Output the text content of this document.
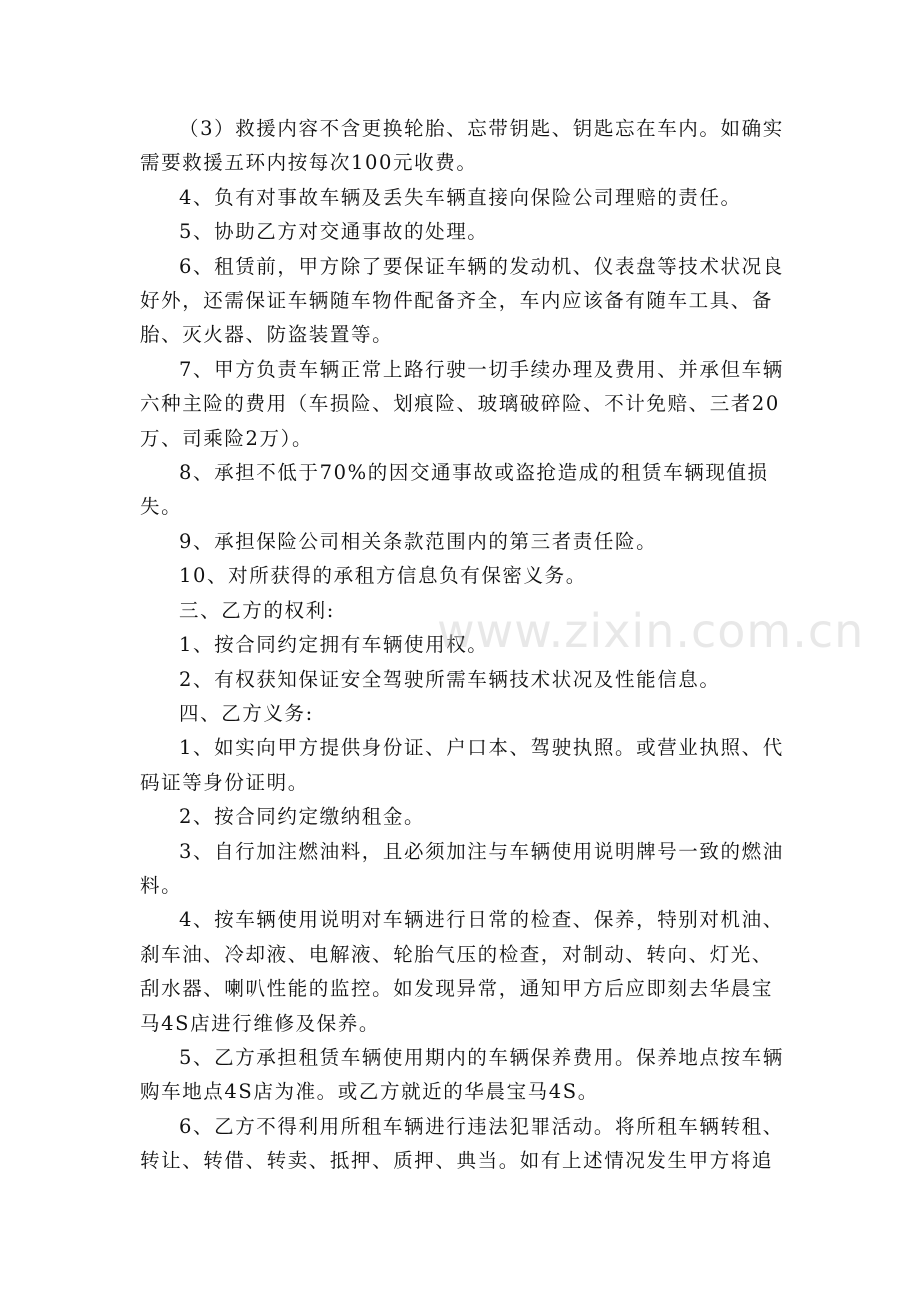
（3）救援内容不含更换轮胎、忘带钥匙、钥匙忘在车内。如确实需要救援五环内按每次100元收费。

4、负有对事故车辆及丢失车辆直接向保险公司理赔的责任。

5、协助乙方对交通事故的处理。

6、租赁前，甲方除了要保证车辆的发动机、仪表盘等技术状况良好外，还需保证车辆随车物件配备齐全，车内应该备有随车工具、备胎、灭火器、防盗装置等。

7、甲方负责车辆正常上路行驶一切手续办理及费用、并承但车辆六种主险的费用（车损险、划痕险、玻璃破碎险、不计免赔、三者20万、司乘险2万）。

8、承担不低于70%的因交通事故或盗抢造成的租赁车辆现值损失。

9、承担保险公司相关条款范围内的第三者责任险。

10、对所获得的承租方信息负有保密义务。

三、乙方的权利:

1、按合同约定拥有车辆使用权。

2、有权获知保证安全驾驶所需车辆技术状况及性能信息。

四、乙方义务:

1、如实向甲方提供身份证、户口本、驾驶执照。或营业执照、代码证等身份证明。

2、按合同约定缴纳租金。

3、自行加注燃油料，且必须加注与车辆使用说明牌号一致的燃油料。

4、按车辆使用说明对车辆进行日常的检查、保养，特别对机油、刹车油、冷却液、电解液、轮胎气压的检查，对制动、转向、灯光、刮水器、喇叭性能的监控。如发现异常，通知甲方后应即刻去华晨宝马4S店进行维修及保养。

5、乙方承担租赁车辆使用期内的车辆保养费用。保养地点按车辆购车地点4S店为准。或乙方就近的华晨宝马4S。

6、乙方不得利用所租车辆进行违法犯罪活动。将所租车辆转租、转让、转借、转卖、抵押、质押、典当。如有上述情况发生甲方将追

www.zixin.com.cn
